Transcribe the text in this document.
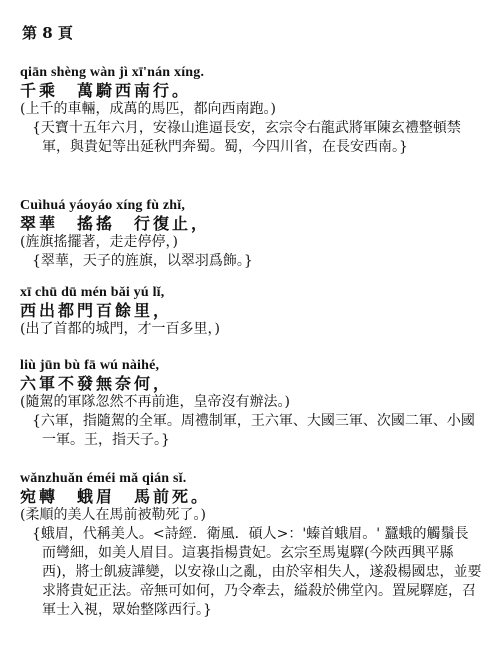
第 8 頁
qiān shèng wàn jì xī'nán xíng.
千乘　萬騎西南行。
(上千的車輛，成萬的馬匹，都向西南跑。)
{天寶十五年六月，安祿山進逼長安，玄宗令右龍武將軍陳玄禮整頓禁軍，與貴妃等出延秋門奔蜀。蜀，今四川省，在長安西南。}
Cuìhuá yáoyáo xíng fù zhǐ,
翠華　搖搖　行復止，
(旌旗搖擺著，走走停停，)
{翠華，天子的旌旗，以翠羽爲飾。}
xī chū dū mén bǎi yú lǐ,
西出都門百餘里，
(出了首都的城門，才一百多里，)
liù jūn bù fā wú nàihé,
六軍不發無奈何，
(隨駕的軍隊忽然不再前進，皇帝沒有辦法。)
{六軍，指隨駕的全軍。周禮制軍，王六軍、大國三軍、次國二軍、小國一軍。王，指天子。}
wǎnzhuǎn éméi mǎ qián sǐ.
宛轉　蛾眉　馬前死。
(柔順的美人在馬前被勒死了。)
{蛾眉，代稱美人。<詩經．衛風．碩人>：'螓首蛾眉。' 蠶蛾的觸鬚長而彎細，如美人眉目。這裏指楊貴妃。玄宗至馬嵬驛(今陝西興平縣西)，將士飢疲譁變，以安祿山之亂，由於宰相失人，遂殺楊國忠，並要求將貴妃正法。帝無可如何，乃令牽去，縊殺於佛堂內。置屍驛庭，召軍士入視，眾始整隊西行。}
